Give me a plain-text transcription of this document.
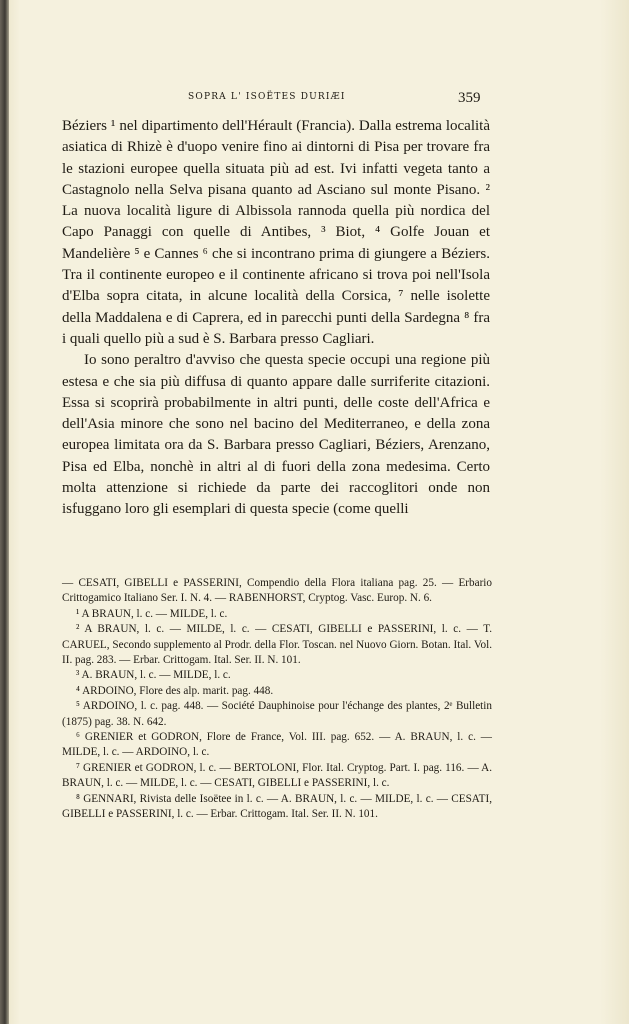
SOPRA L' ISOËTES DURIÆI	359

Béziers ¹ nel dipartimento dell'Hérault (Francia). Dalla estrema località asiatica di Rhizè è d'uopo venire fino ai dintorni di Pisa per trovare fra le stazioni europee quella situata più ad est. Ivi infatti vegeta tanto a Castagnolo nella Selva pisana quanto ad Asciano sul monte Pisano. ² La nuova località ligure di Albissola rannoda quella più nordica del Capo Panaggi con quelle di Antibes, ³ Biot, ⁴ Golfe Jouan et Mandelière ⁵ e Cannes ⁶ che si incontrano prima di giungere a Béziers. Tra il continente europeo e il continente africano si trova poi nell'Isola d'Elba sopra citata, in alcune località della Corsica, ⁷ nelle isolette della Maddalena e di Caprera, ed in parecchi punti della Sardegna ⁸ fra i quali quello più a sud è S. Barbara presso Cagliari.

Io sono peraltro d'avviso che questa specie occupi una regione più estesa e che sia più diffusa di quanto appare dalle surriferite citazioni. Essa si scoprirà probabilmente in altri punti, delle coste dell'Africa e dell'Asia minore che sono nel bacino del Mediterraneo, e della zona europea limitata ora da S. Barbara presso Cagliari, Béziers, Arenzano, Pisa ed Elba, nonchè in altri al di fuori della zona medesima. Certo molta attenzione si richiede da parte dei raccoglitori onde non isfuggano loro gli esemplari di questa specie (come quelli

— CESATI, GIBELLI e PASSERINI, Compendio della Flora italiana pag. 25. — Erbario Crittogamico Italiano Ser. I. N. 4. — RABENHORST, Cryptog. Vasc. Europ. N. 6.

¹ A BRAUN, l. c. — MILDE, l. c.

² A BRAUN, l. c. — MILDE, l. c. — CESATI, GIBELLI e PASSERINI, l. c. — T. CARUEL, Secondo supplemento al Prodr. della Flor. Toscan. nel Nuovo Giorn. Botan. Ital. Vol. II. pag. 283. — Erbar. Crittogam. Ital. Ser. II. N. 101.

³ A. BRAUN, l. c. — MILDE, l. c.

⁴ ARDOINO, Flore des alp. marit. pag. 448.

⁵ ARDOINO, l. c. pag. 448. — Société Dauphinoise pour l'échange des plantes, 2ᵉ Bulletin (1875) pag. 38. N. 642.

⁶ GRENIER et GODRON, Flore de France, Vol. III. pag. 652. — A. BRAUN, l. c. — MILDE, l. c. — ARDOINO, l. c.

⁷ GRENIER et GODRON, l. c. — BERTOLONI, Flor. Ital. Cryptog. Part. I. pag. 116. — A. BRAUN, l. c. — MILDE, l. c. — CESATI, GIBELLI e PASSERINI, l. c.

⁸ GENNARI, Rivista delle Isoëtee in l. c. — A. BRAUN, l. c. — MILDE, l. c. — CESATI, GIBELLI e PASSERINI, l. c. — Erbar. Crittogam. Ital. Ser. II. N. 101.
